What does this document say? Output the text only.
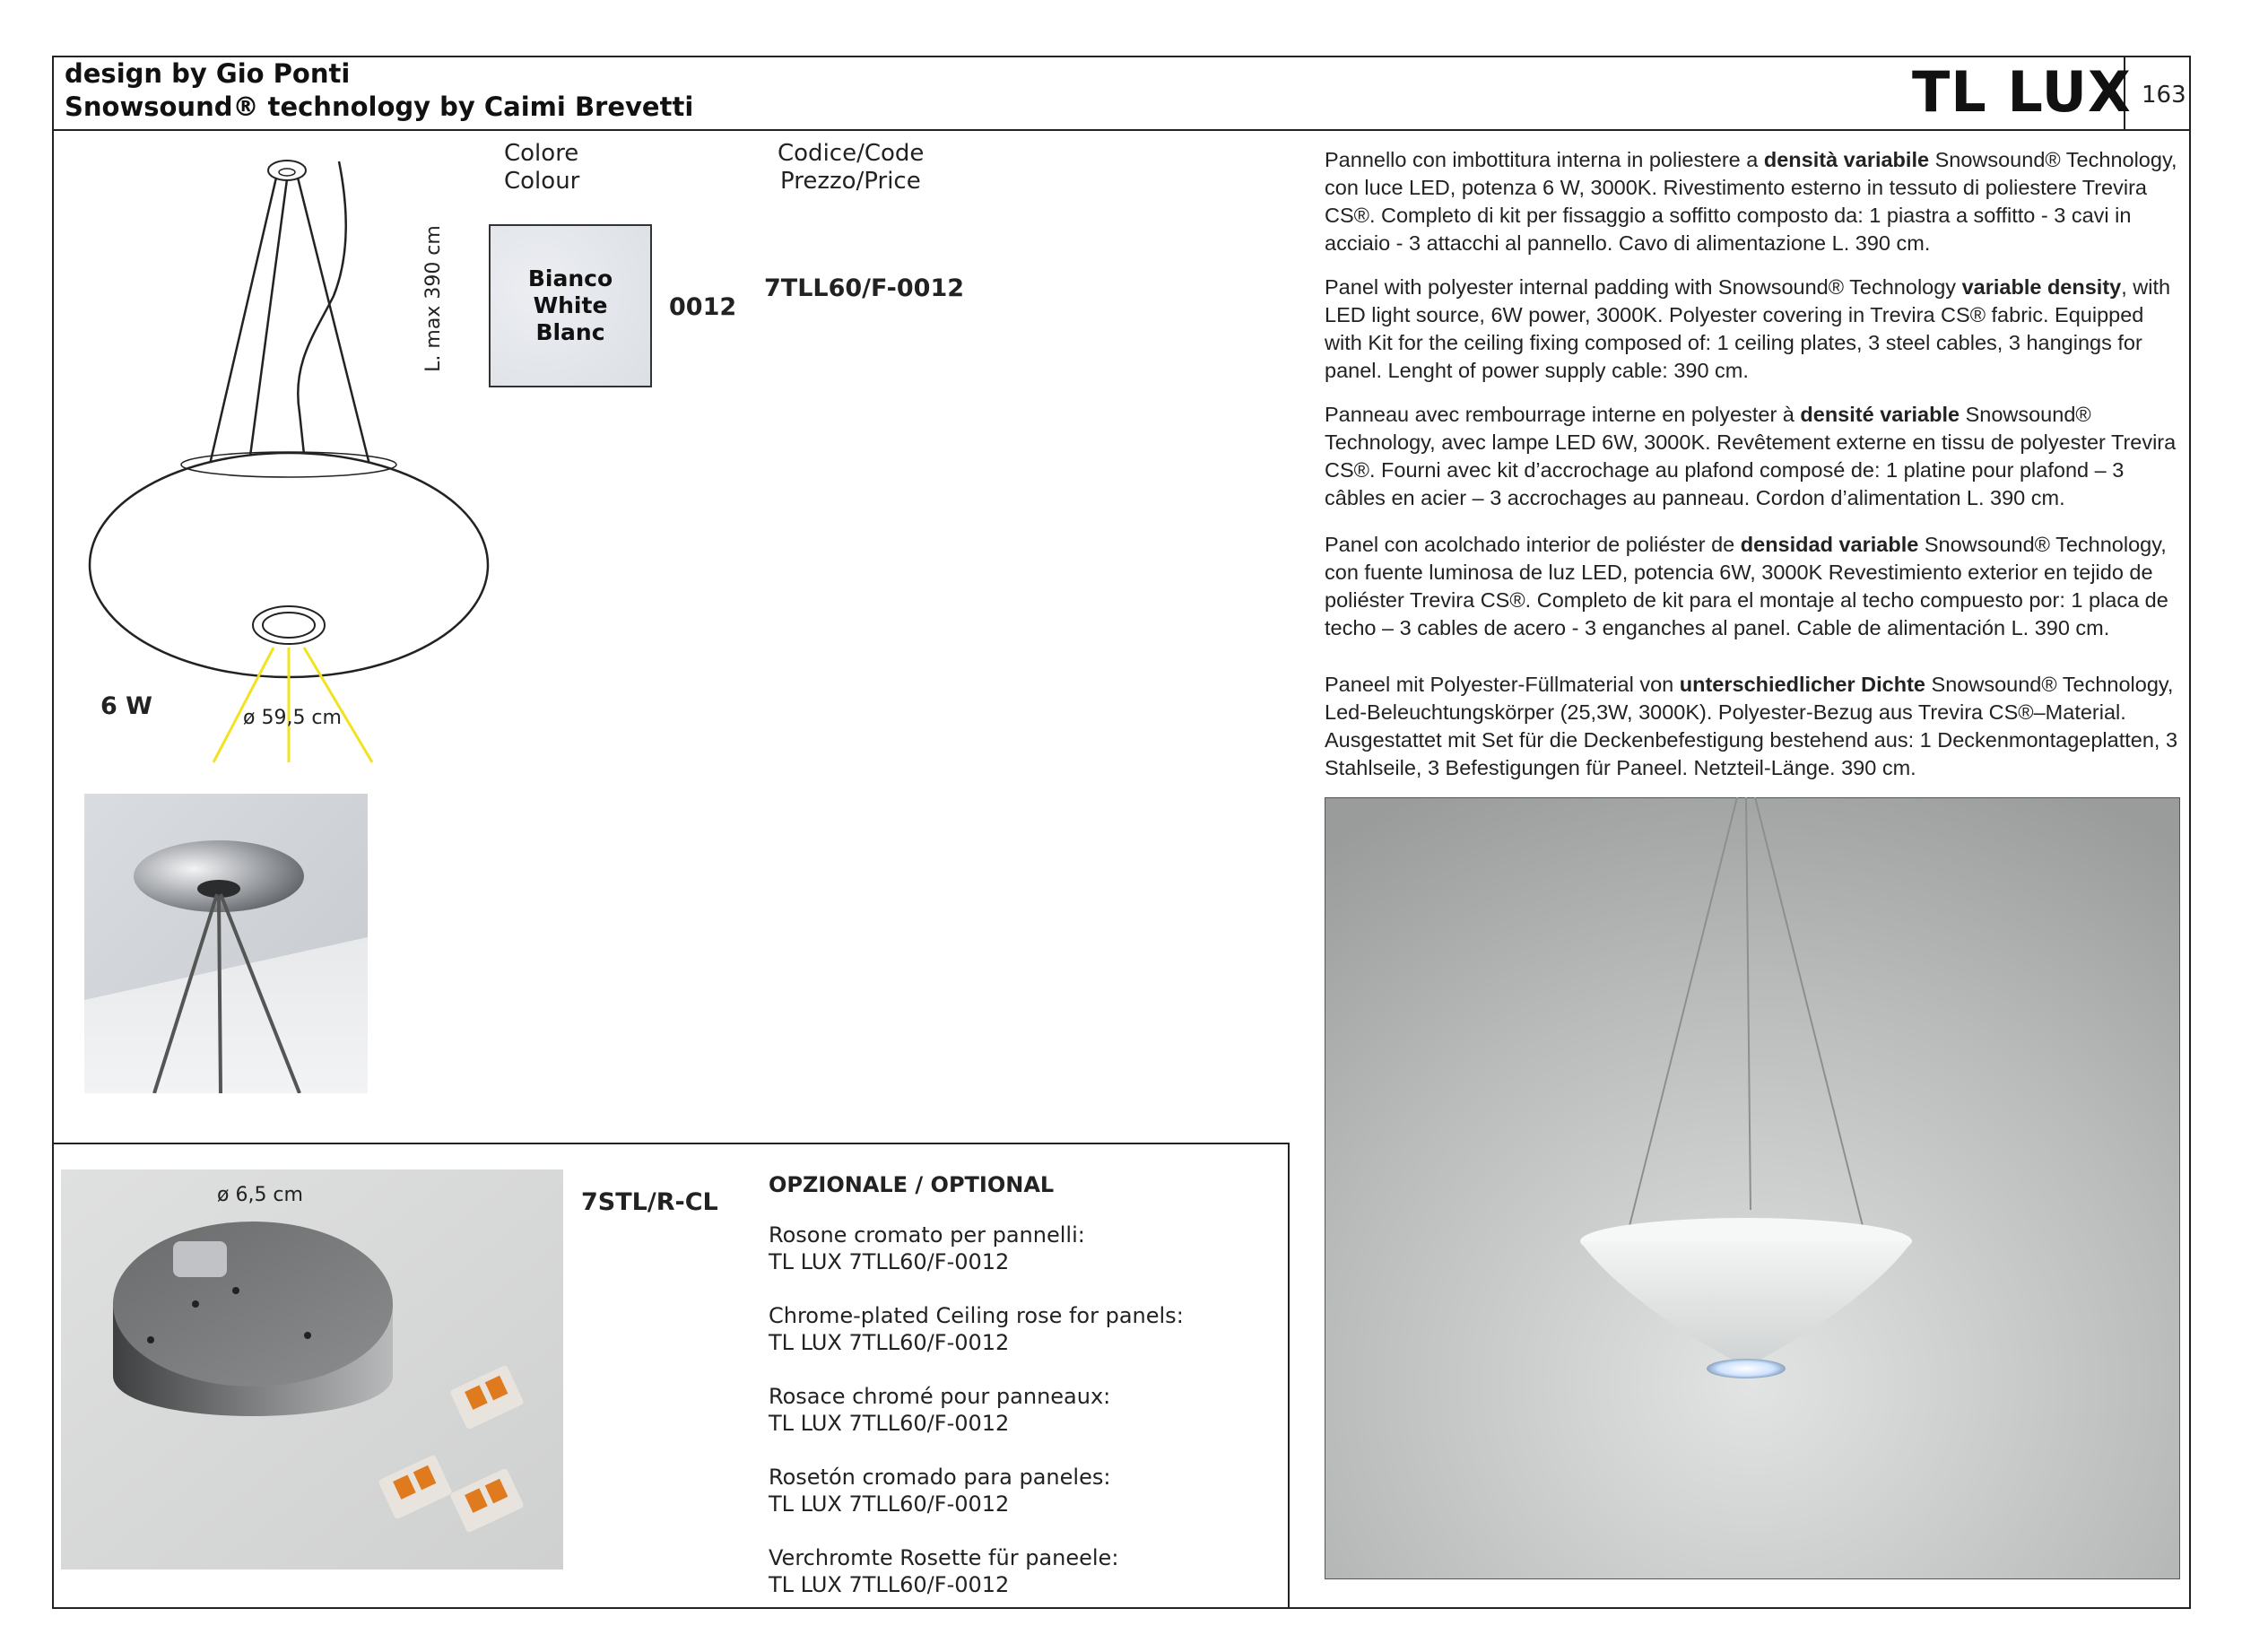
design by Gio Ponti
Snowsound® technology by Caimi Brevetti	TL LUX 163
L. max 390 cm
6 W	ø 59,5 cm
Colore
Colour
Codice/Code
Prezzo/Price
Bianco
White
Blanc
0012
7TLL60/F-0012
Pannello con imbottitura interna in poliestere a densità variabile Snowsound® Technology, con luce LED, potenza 6 W, 3000K. Rivestimento esterno in tessuto di poliestere Trevira CS®. Completo di kit per fissaggio a soffitto composto da: 1 piastra a soffitto - 3 cavi in acciaio - 3 attacchi al pannello. Cavo di alimentazione L. 390 cm.
Panel with polyester internal padding with Snowsound® Technology variable density, with LED light source, 6W power, 3000K. Polyester covering in Trevira CS® fabric. Equipped with Kit for the ceiling fixing composed of: 1 ceiling plates, 3 steel cables, 3 hangings for panel. Lenght of power supply cable: 390 cm.
Panneau avec rembourrage interne en polyester à densité variable Snowsound® Technology, avec lampe LED 6W, 3000K. Revêtement externe en tissu de polyester Trevira CS®. Fourni avec kit d’accrochage au plafond composé de: 1 platine pour plafond – 3 câbles en acier – 3 accrochages au panneau. Cordon d’alimentation L. 390 cm.
Panel con acolchado interior de poliéster de densidad variable Snowsound® Technology, con fuente luminosa de luz LED, potencia 6W, 3000K Revestimiento exterior en tejido de poliéster Trevira CS®. Completo de kit para el montaje al techo compuesto por: 1 placa de techo – 3 cables de acero - 3 enganches al panel. Cable de alimentación L. 390 cm.
Paneel mit Polyester-Füllmaterial von unterschiedlicher Dichte Snowsound® Technology, Led-Beleuchtungskörper (25,3W, 3000K). Polyester-Bezug aus Trevira CS®–Material. Ausgestattet mit Set für die Deckenbefestigung bestehend aus: 1 Deckenmontageplatten, 3 Stahlseile, 3 Befestigungen für Paneel. Netzteil-Länge. 390 cm.
ø 6,5 cm	7STL/R-CL
OPZIONALE / OPTIONAL
Rosone cromato per pannelli:
TL LUX 7TLL60/F-0012
Chrome-plated Ceiling rose for panels:
TL LUX 7TLL60/F-0012
Rosace chromé pour panneaux:
TL LUX 7TLL60/F-0012
Rosetón cromado para paneles:
TL LUX 7TLL60/F-0012
Verchromte Rosette für paneele:
TL LUX 7TLL60/F-0012
